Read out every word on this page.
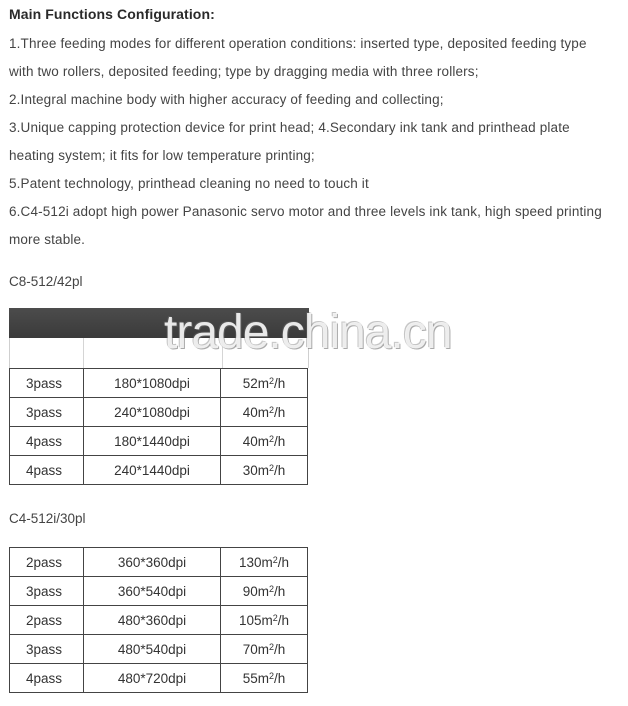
Main Functions Configuration:
1.Three feeding modes for different operation conditions: inserted type, deposited feeding type
with two rollers, deposited feeding; type by dragging media with three rollers;
2.Integral machine body with higher accuracy of feeding and collecting;
3.Unique capping protection device for print head; 4.Secondary ink tank and printhead plate
heating system; it fits for low temperature printing;
5.Patent technology, printhead cleaning no need to touch it
6.C4-512i adopt high power Panasonic servo motor and three levels ink tank, high speed printing
more stable.
C8-512/42pl
trade.china.cn
3pass	180*1080dpi	$52m^2/h$
3pass	240*1080dpi	$40m^2/h$
4pass	180*1440dpi	$40m^2/h$
4pass	240*1440dpi	$30m^2/h$
C4-512i/30pl
2pass	360*360dpi	$130m^2/h$
3pass	360*540dpi	$90m^2/h$
2pass	480*360dpi	$105m^2/h$
3pass	480*540dpi	$70m^2/h$
4pass	480*720dpi	$55m^2/h$
